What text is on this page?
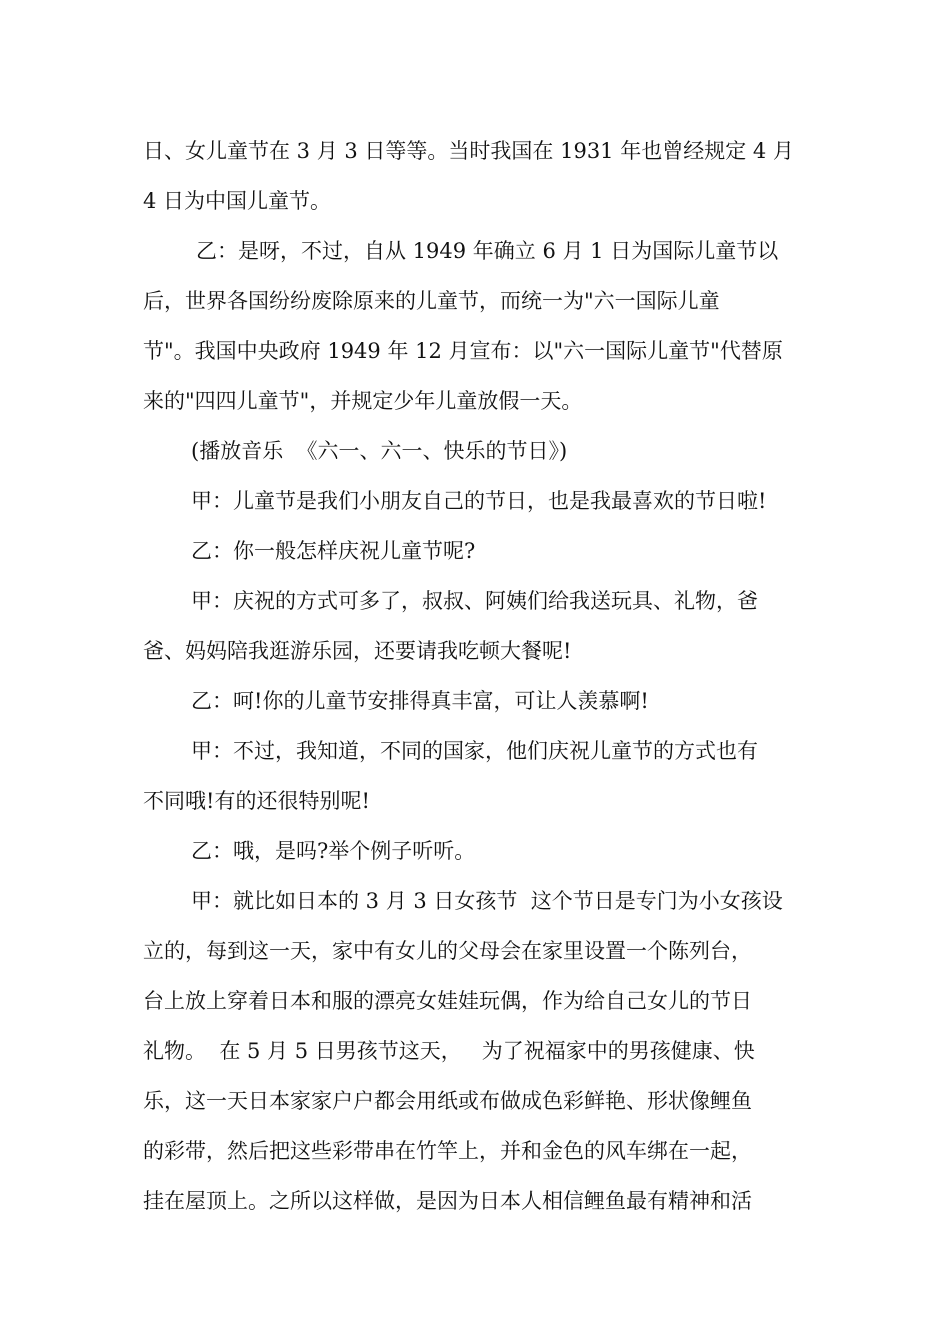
日、女儿童节在 3 月 3 日等等。当时我国在 1931 年也曾经规定 4 月
4 日为中国儿童节。
乙：是呀，不过，自从 1949 年确立 6 月 1 日为国际儿童节以
后，世界各国纷纷废除原来的儿童节，而统一为"六一国际儿童
节"。我国中央政府 1949 年 12 月宣布：以"六一国际儿童节"代替原
来的"四四儿童节"，并规定少年儿童放假一天。
(播放音乐  《六一、六一、快乐的节日》)
甲：儿童节是我们小朋友自己的节日，也是我最喜欢的节日啦!
乙：你一般怎样庆祝儿童节呢?
甲：庆祝的方式可多了，叔叔、阿姨们给我送玩具、礼物，爸
爸、妈妈陪我逛游乐园，还要请我吃顿大餐呢!
乙：呵!你的儿童节安排得真丰富，可让人羡慕啊!
甲：不过，我知道，不同的国家，他们庆祝儿童节的方式也有
不同哦!有的还很特别呢!
乙：哦，是吗?举个例子听听。
甲：就比如日本的 3 月 3 日女孩节  这个节日是专门为小女孩设
立的，每到这一天，家中有女儿的父母会在家里设置一个陈列台，
台上放上穿着日本和服的漂亮女娃娃玩偶，作为给自己女儿的节日
礼物。  在 5 月 5 日男孩节这天，   为了祝福家中的男孩健康、快
乐，这一天日本家家户户都会用纸或布做成色彩鲜艳、形状像鲤鱼
的彩带，然后把这些彩带串在竹竿上，并和金色的风车绑在一起，
挂在屋顶上。之所以这样做，是因为日本人相信鲤鱼最有精神和活
